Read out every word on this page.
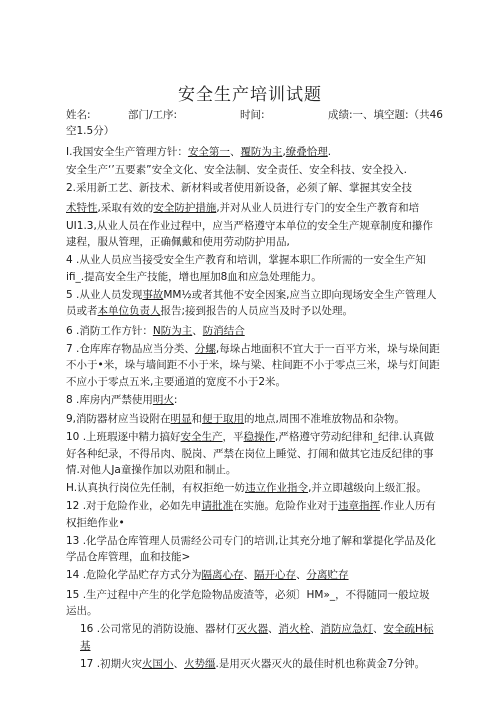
安全生产培训试题
姓名:	部门/工序:	时间:	成绩:一、填空题:（共46
空1.5分）

I.我国安全生产管理方针：安全第一、覆防为主,缭叠恰理.

安全生产‘’五要素”安全文化、安全法制、安全责任、安全科技、安全投入.

2.采用新工艺、新技术、新材料或者使用新设备，必须了解、掌握其安全技

术特性,采取有效的安全防护措施,并对从业人员进行专门的安全生产教育和培

UI1.3,从业人员在作业过程中，应当严格遵守本单位的安全生产规章制度和攥作逮程，服从管理，正确佩戴和使用劳动防护用品,

4 .从业人员应当接受安全生产教育和培训，掌握本职匚作所需的一安全生产知ifi_.提高安全生产技能，增也厘加8血和应急处理能力。

5 .从业人员发现事故MM½或者其他不安全因案,应当立即向现场安全生产管理人员或者本单位负责人报告;接到报告的人员应当及时予以处理。

6 .消防工作方针：N防为主、防消结合

7 .仓库库存物品应当分类、分螺,每垛占地面积不宜大于一百平方米，垛与垛间距不小于•米，垛与墙间距不小于米，垛与梁、柱间距不小于零点三米，垛与灯间距不应小于零点五米,主要通道的宽度不小于2米。

8 .库房内严禁使用明火:

9,消防器材应当设附在明显和便于取用的地点,周围不准堆放物品和杂物。

10 .上班瑕逐中精力搞好安全生产，平稳操作,严格遵守劳动纪律和_纪律.认真做好各种纪录，不得吊肉、脱岗、严禁在岗位上睡觉、打闹和做其它违反纪律的事情.对他人Ja童操作加以劝阻和制止。

H.认真执行岗位先任制，有权拒绝一妨违立作业指令,并立即越级向上级汇报。

12 .对于危险作业，必如先申请批准在实施。危险作业对于违章指挥.作业人历有权拒绝作业•

13 .化学品仓库管理人员需经公司专门的培训,让其充分地了解和掌提化学品及化学品仓库管理，血和技能>

14 .危险化学品贮存方式分为隔离心存、隔开心存、分离贮存

15 .生产过程中产生的化学危险物品废渣等，必须〕HM»_，不得随同一般垃圾运出。

16 .公司常见的消防设施、器材仃灭火器、消火栓、消防应急灯、安全疏H标基

17 .初期火灾火国小、火势缰.是用灭火器灭火的最佳时机也称黄金7分钟。
